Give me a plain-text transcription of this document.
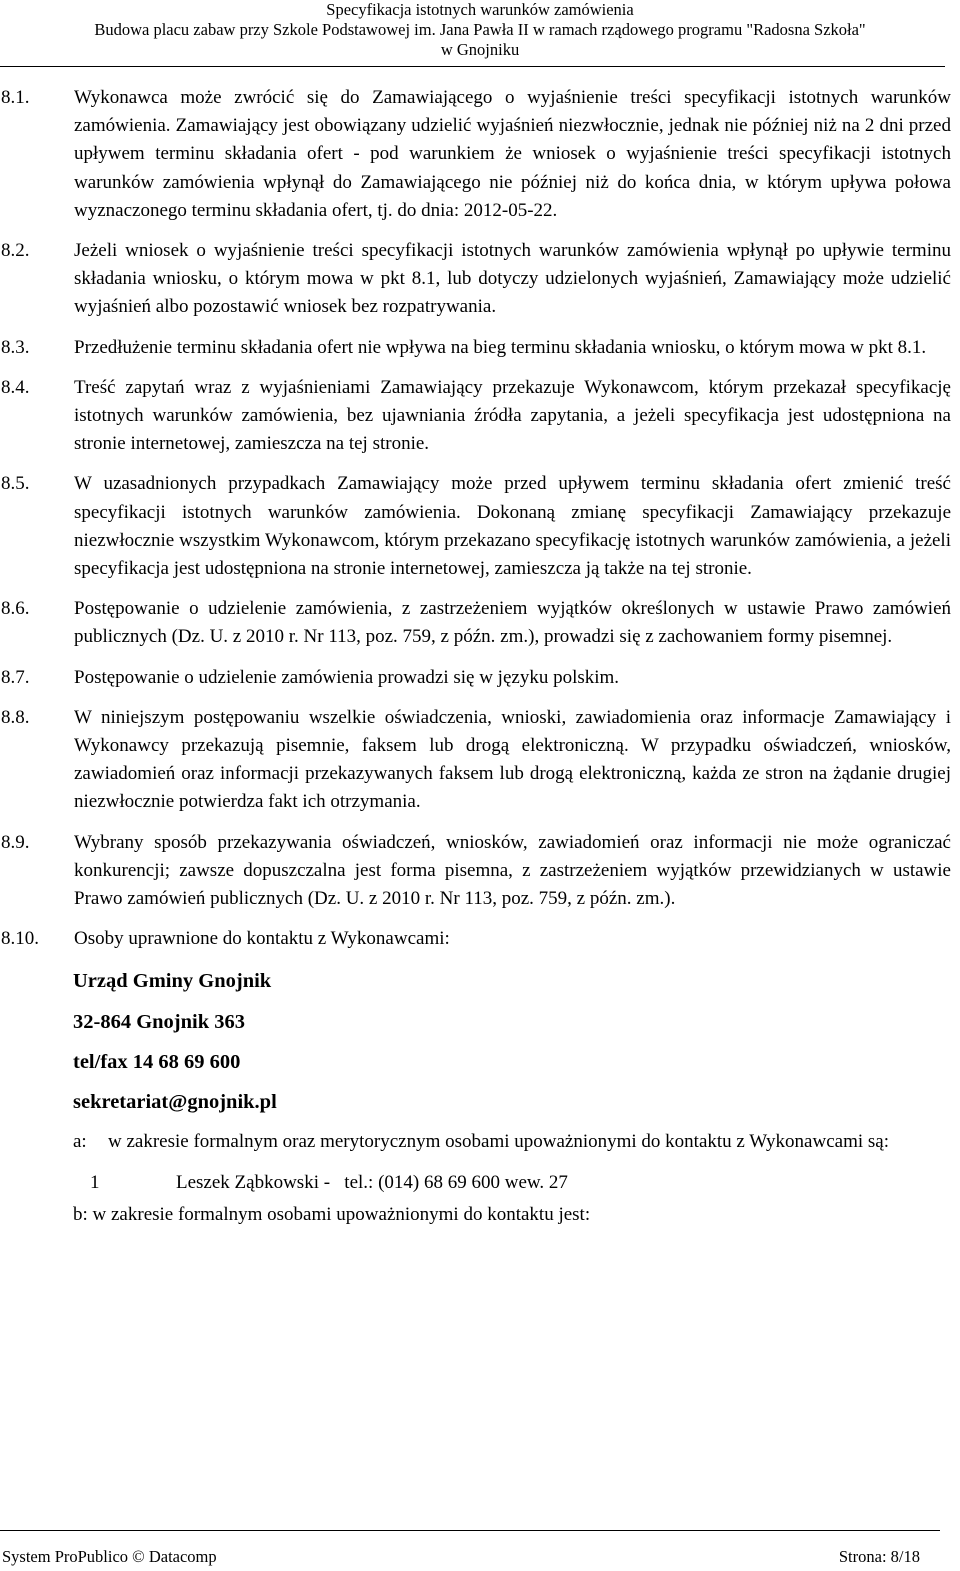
Specyfikacja istotnych warunków zamówienia
Budowa placu zabaw przy Szkole Podstawowej im. Jana Pawła II w ramach rządowego programu "Radosna Szkoła"
w Gnojniku
8.1.	Wykonawca może zwrócić się do Zamawiającego o wyjaśnienie treści specyfikacji istotnych warunków zamówienia. Zamawiający jest obowiązany udzielić wyjaśnień niezwłocznie, jednak nie później niż na 2 dni przed upływem terminu składania ofert - pod warunkiem że wniosek o wyjaśnienie treści specyfikacji istotnych warunków zamówienia wpłynął do Zamawiającego nie później niż do końca dnia, w którym upływa połowa wyznaczonego terminu składania ofert, tj. do dnia: 2012-05-22.
8.2.	Jeżeli wniosek o wyjaśnienie treści specyfikacji istotnych warunków zamówienia wpłynął po upływie terminu składania wniosku, o którym mowa w pkt 8.1, lub dotyczy udzielonych wyjaśnień, Zamawiający może udzielić wyjaśnień albo pozostawić wniosek bez rozpatrywania.
8.3.	Przedłużenie terminu składania ofert nie wpływa na bieg terminu składania wniosku, o którym mowa w pkt 8.1.
8.4.	Treść zapytań wraz z wyjaśnieniami Zamawiający przekazuje Wykonawcom, którym przekazał specyfikację istotnych warunków zamówienia, bez ujawniania źródła zapytania, a jeżeli specyfikacja jest udostępniona na stronie internetowej, zamieszcza na tej stronie.
8.5.	W uzasadnionych przypadkach Zamawiający może przed upływem terminu składania ofert zmienić treść specyfikacji istotnych warunków zamówienia. Dokonaną zmianę specyfikacji Zamawiający przekazuje niezwłocznie wszystkim Wykonawcom, którym przekazano specyfikację istotnych warunków zamówienia, a jeżeli specyfikacja jest udostępniona na stronie internetowej, zamieszcza ją także na tej stronie.
8.6.	Postępowanie o udzielenie zamówienia, z zastrzeżeniem wyjątków określonych w ustawie Prawo zamówień publicznych (Dz. U. z 2010 r. Nr 113, poz. 759, z późn. zm.), prowadzi się z zachowaniem formy pisemnej.
8.7.	Postępowanie o udzielenie zamówienia prowadzi się w języku polskim.
8.8.	W niniejszym postępowaniu wszelkie oświadczenia, wnioski, zawiadomienia oraz informacje Zamawiający i Wykonawcy przekazują pisemnie, faksem lub drogą elektroniczną. W przypadku oświadczeń, wniosków, zawiadomień oraz informacji przekazywanych faksem lub drogą elektroniczną, każda ze stron na żądanie drugiej niezwłocznie potwierdza fakt ich otrzymania.
8.9.	Wybrany sposób przekazywania oświadczeń, wniosków, zawiadomień oraz informacji nie może ograniczać konkurencji; zawsze dopuszczalna jest forma pisemna, z zastrzeżeniem wyjątków przewidzianych w ustawie Prawo zamówień publicznych (Dz. U. z 2010 r. Nr 113, poz. 759, z późn. zm.).
8.10.	Osoby uprawnione do kontaktu z Wykonawcami:
Urząd Gminy Gnojnik
32-864 Gnojnik 363
tel/fax 14 68 69 600
sekretariat@gnojnik.pl
a:	w zakresie formalnym oraz merytorycznym osobami upoważnionymi do kontaktu z Wykonawcami są:
1	Leszek Ząbkowski -   tel.: (014) 68 69 600 wew. 27
b: w zakresie formalnym osobami upoważnionymi do kontaktu jest:
System ProPublico © Datacomp	Strona: 8/18
